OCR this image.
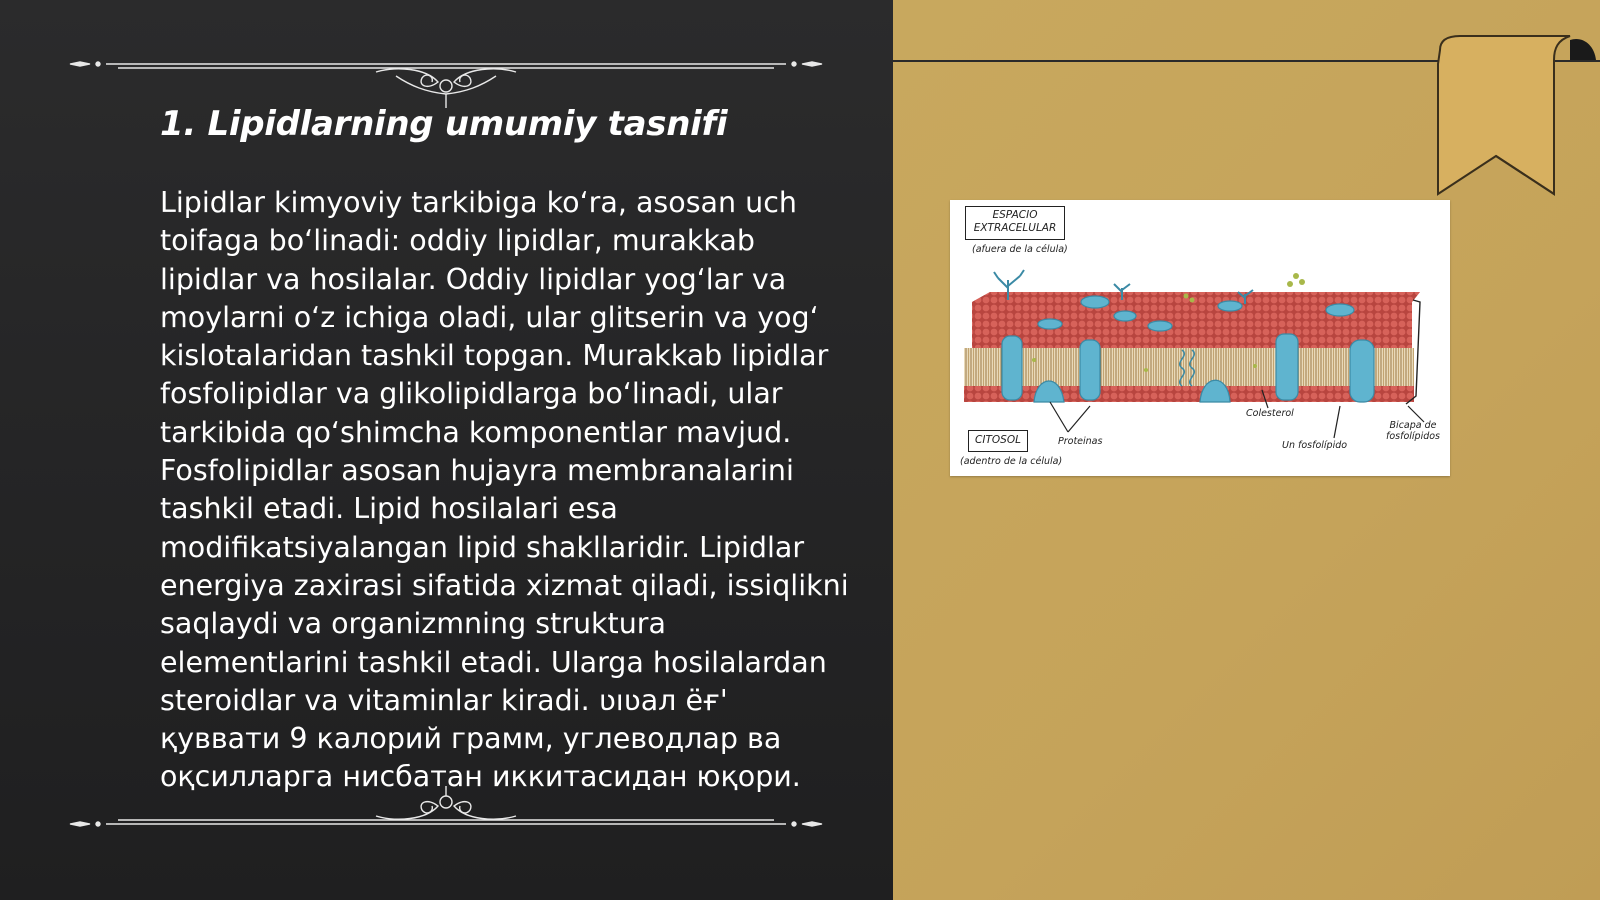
1. Lipidlarning umumiy tasnifi

Lipidlar kimyoviy tarkibiga koʻra, asosan uch toifaga boʻlinadi: oddiy lipidlar, murakkab lipidlar va hosilalar. Oddiy lipidlar yogʻlar va moylarni oʻz ichiga oladi, ular glitserin va yogʻ kislotalaridan tashkil topgan. Murakkab lipidlar fosfolipidlar va glikolipidlarga boʻlinadi, ular tarkibida qoʻshimcha komponentlar mavjud. Fosfolipidlar asosan hujayra membranalarini tashkil etadi. Lipid hosilalari esa modifikatsiyalangan lipid shakllaridir. Lipidlar energiya zaxirasi sifatida xizmat qiladi, issiqlikni saqlaydi va organizmning struktura elementlarini tashkil etadi. Ularga hosilalardan steroidlar va vitaminlar kiradi. ʋıʋал ёғ' қуввати 9 калорий грамм, углеводлар ва оқсилларга нисбатан иккитасидан юқори.

ESPACIO
EXTRACELULAR
(afuera de la célula)
CITOSOL
(adentro de la célula)
Proteinas
Colesterol
Un fosfolípido
Bicapa de
fosfolípidos
